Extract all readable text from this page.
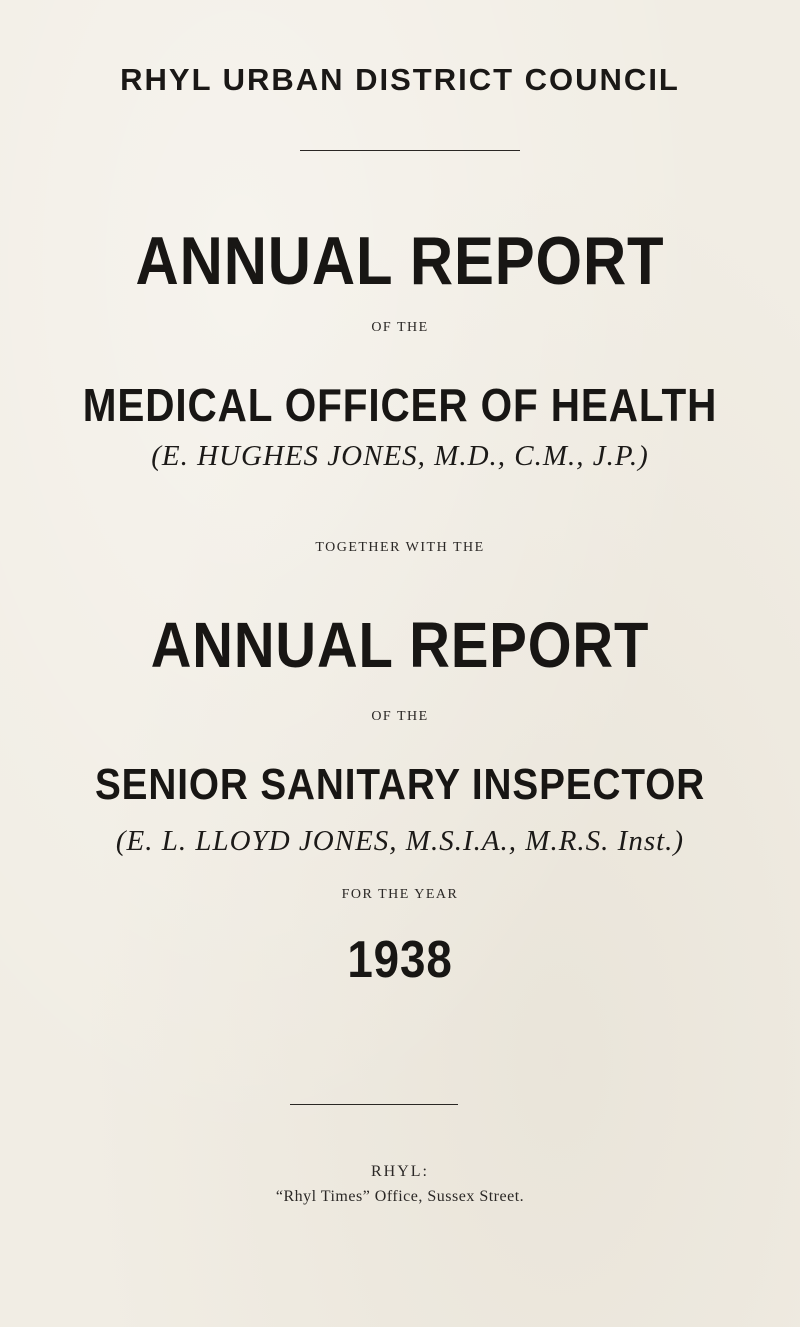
RHYL URBAN DISTRICT COUNCIL
ANNUAL REPORT
OF THE
MEDICAL OFFICER OF HEALTH
(E. HUGHES JONES, M.D., C.M., J.P.)
TOGETHER WITH THE
ANNUAL REPORT
OF THE
SENIOR SANITARY INSPECTOR
(E. L. LLOYD JONES, M.S.I.A., M.R.S. Inst.)
FOR THE YEAR
1938
RHYL:
“Rhyl Times” Office, Sussex Street.
